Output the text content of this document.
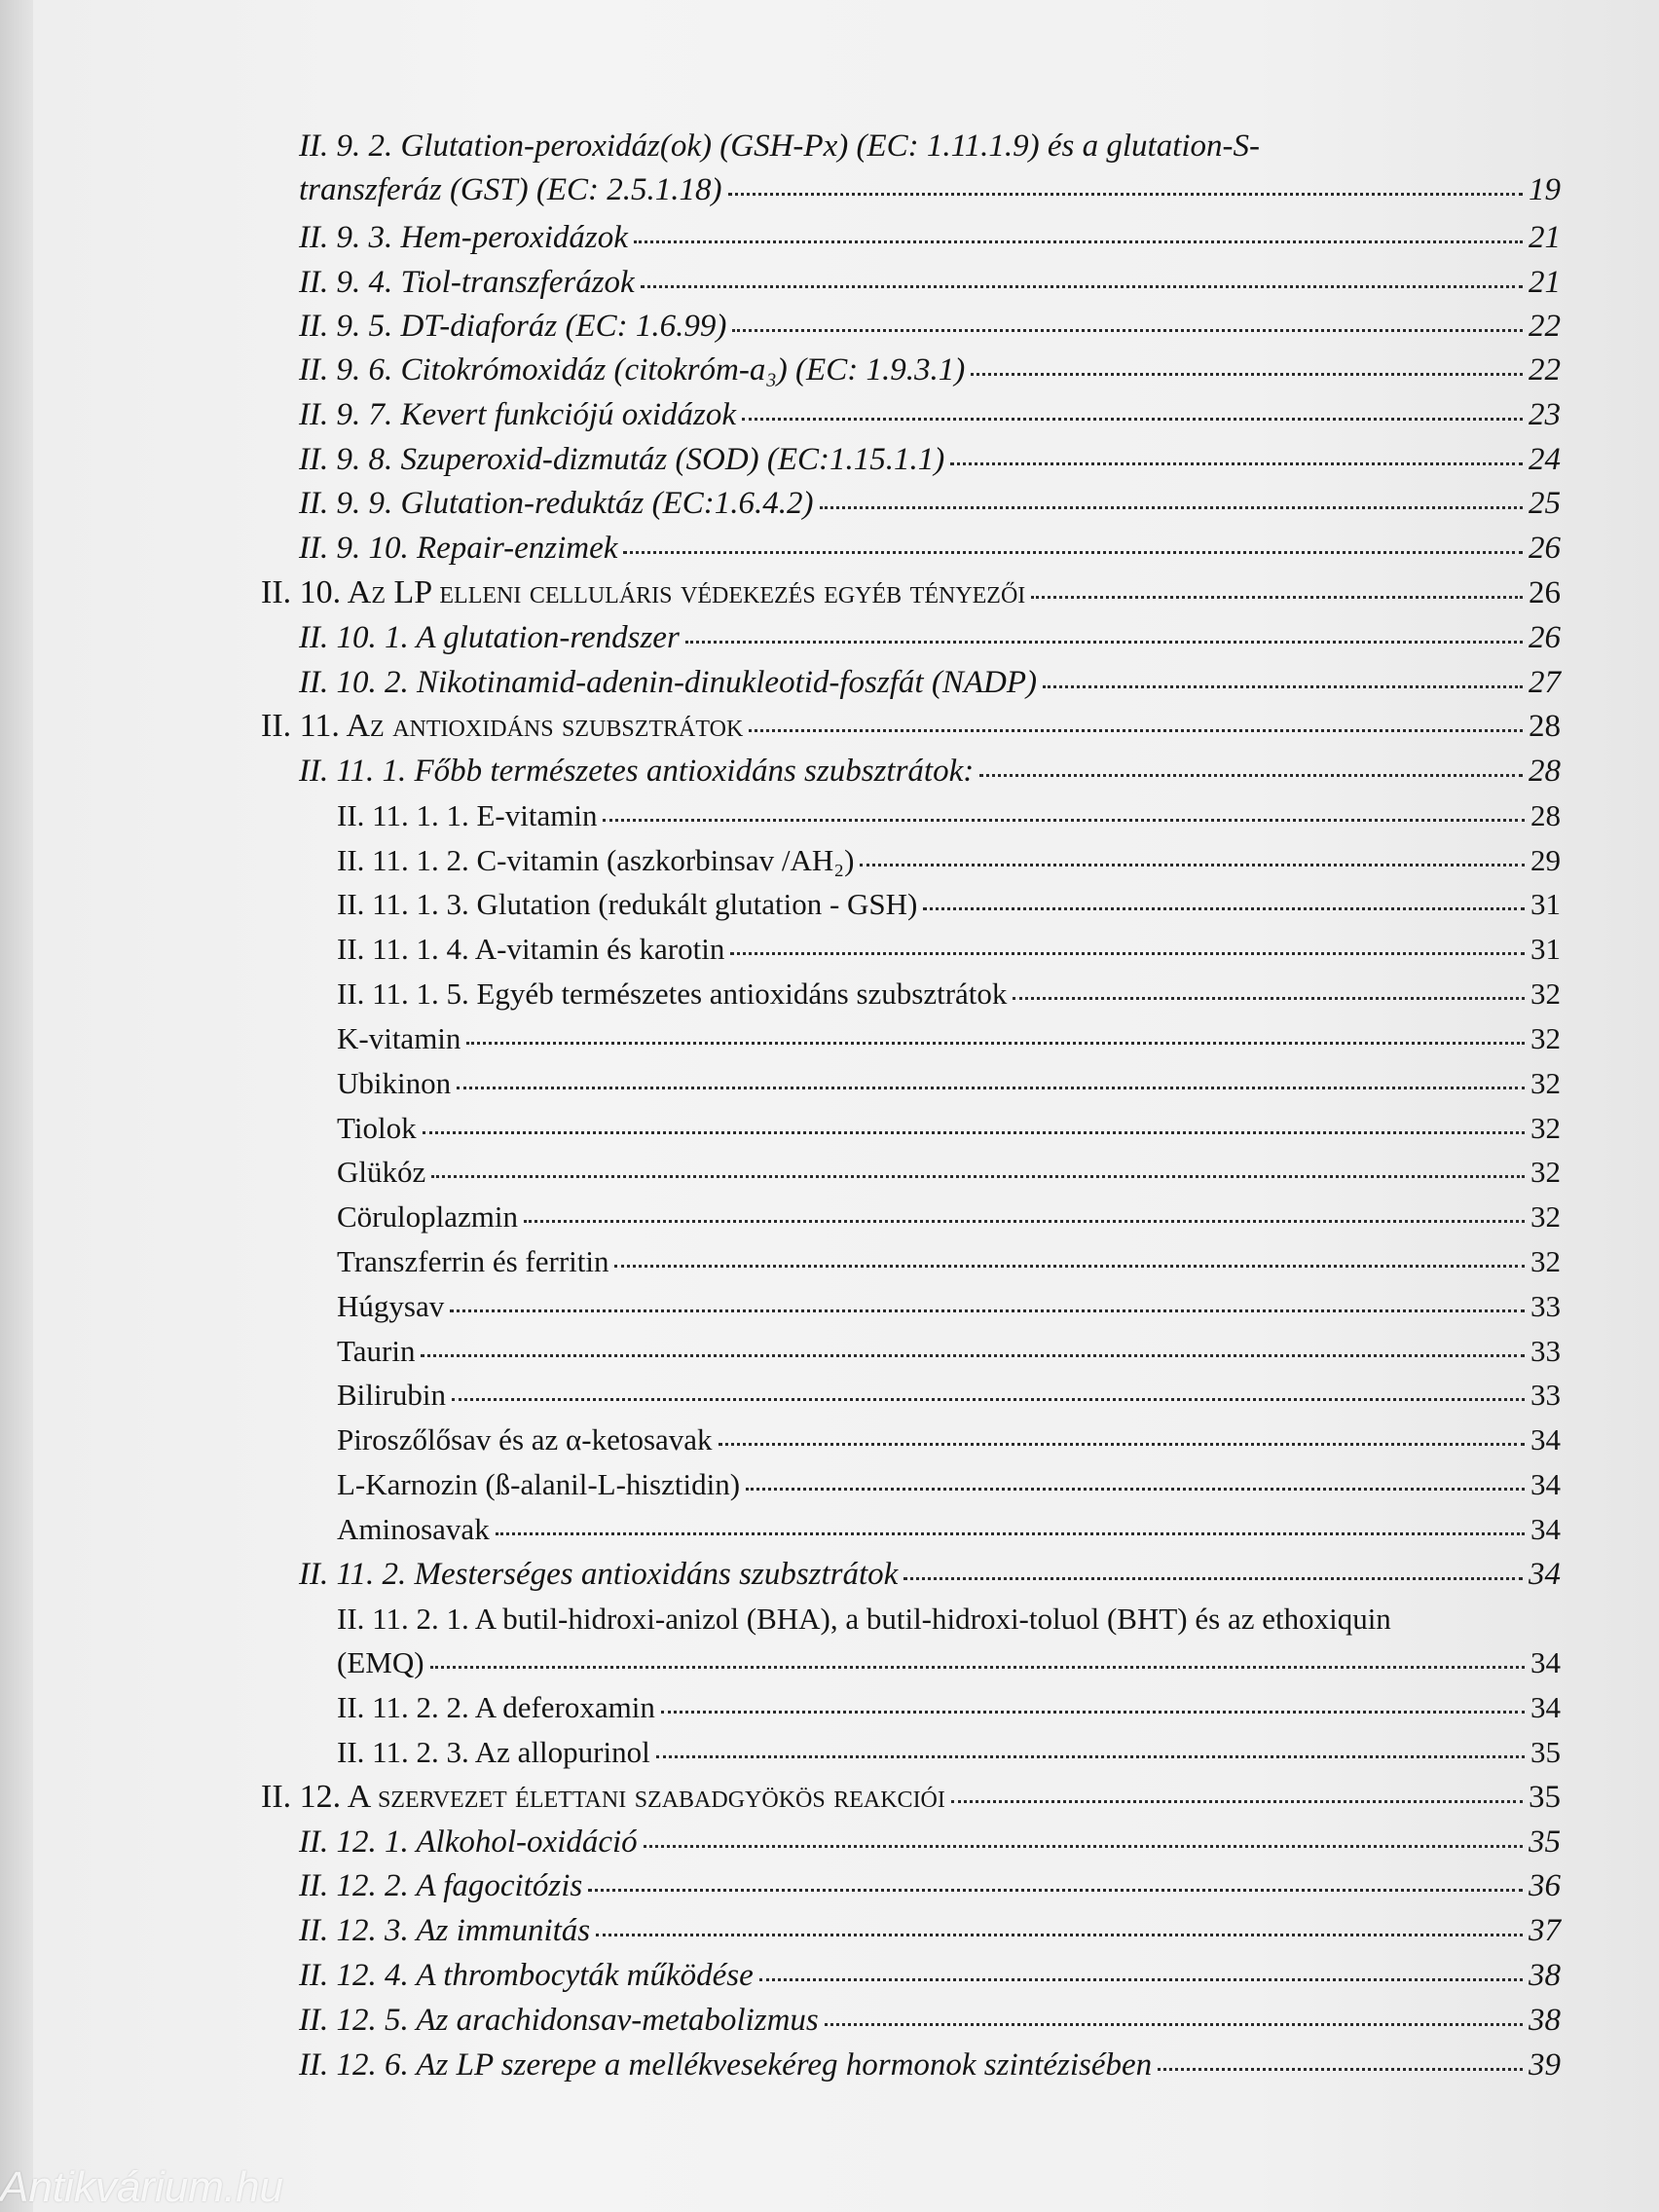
II. 9. 2. Glutation-peroxidáz(ok) (GSH-Px) (EC: 1.11.1.9) és a glutation-S-
transzferáz (GST) (EC: 2.5.1.18)	19
II. 9. 3. Hem-peroxidázok	21
II. 9. 4. Tiol-transzferázok	21
II. 9. 5. DT-diaforáz (EC: 1.6.99)	22
II. 9. 6. Citokrómoxidáz (citokróm-a₃) (EC: 1.9.3.1)	22
II. 9. 7. Kevert funkciójú oxidázok	23
II. 9. 8. Szuperoxid-dizmutáz (SOD) (EC:1.15.1.1)	24
II. 9. 9. Glutation-reduktáz (EC:1.6.4.2)	25
II. 9. 10. Repair-enzimek	26
II. 10. Az LP elleni celluláris védekezés egyéb tényezői	26
II. 10. 1. A glutation-rendszer	26
II. 10. 2. Nikotinamid-adenin-dinukleotid-foszfát (NADP)	27
II. 11. Az antioxidáns szubsztrátok	28
II. 11. 1. Főbb természetes antioxidáns szubsztrátok:	28
II. 11. 1. 1. E-vitamin	28
II. 11. 1. 2. C-vitamin (aszkorbinsav /AH₂)	29
II. 11. 1. 3. Glutation (redukált glutation - GSH)	31
II. 11. 1. 4. A-vitamin és karotin	31
II. 11. 1. 5. Egyéb természetes antioxidáns szubsztrátok	32
K-vitamin	32
Ubikinon	32
Tiolok	32
Glükóz	32
Cöruloplazmin	32
Transzferrin és ferritin	32
Húgysav	33
Taurin	33
Bilirubin	33
Piroszőlősav és az α-ketosavak	34
L-Karnozin (ß-alanil-L-hisztidin)	34
Aminosavak	34
II. 11. 2. Mesterséges antioxidáns szubsztrátok	34
II. 11. 2. 1. A butil-hidroxi-anizol (BHA), a butil-hidroxi-toluol (BHT) és az ethoxiquin
(EMQ)	34
II. 11. 2. 2. A deferoxamin	34
II. 11. 2. 3. Az allopurinol	35
II. 12. A szervezet élettani szabadgyökös reakciói	35
II. 12. 1. Alkohol-oxidáció	35
II. 12. 2. A fagocitózis	36
II. 12. 3. Az immunitás	37
II. 12. 4. A thrombocyták működése	38
II. 12. 5. Az arachidonsav-metabolizmus	38
II. 12. 6. Az LP szerepe a mellékvesekéreg hormonok szintézisében	39
Antikvárium.hu
